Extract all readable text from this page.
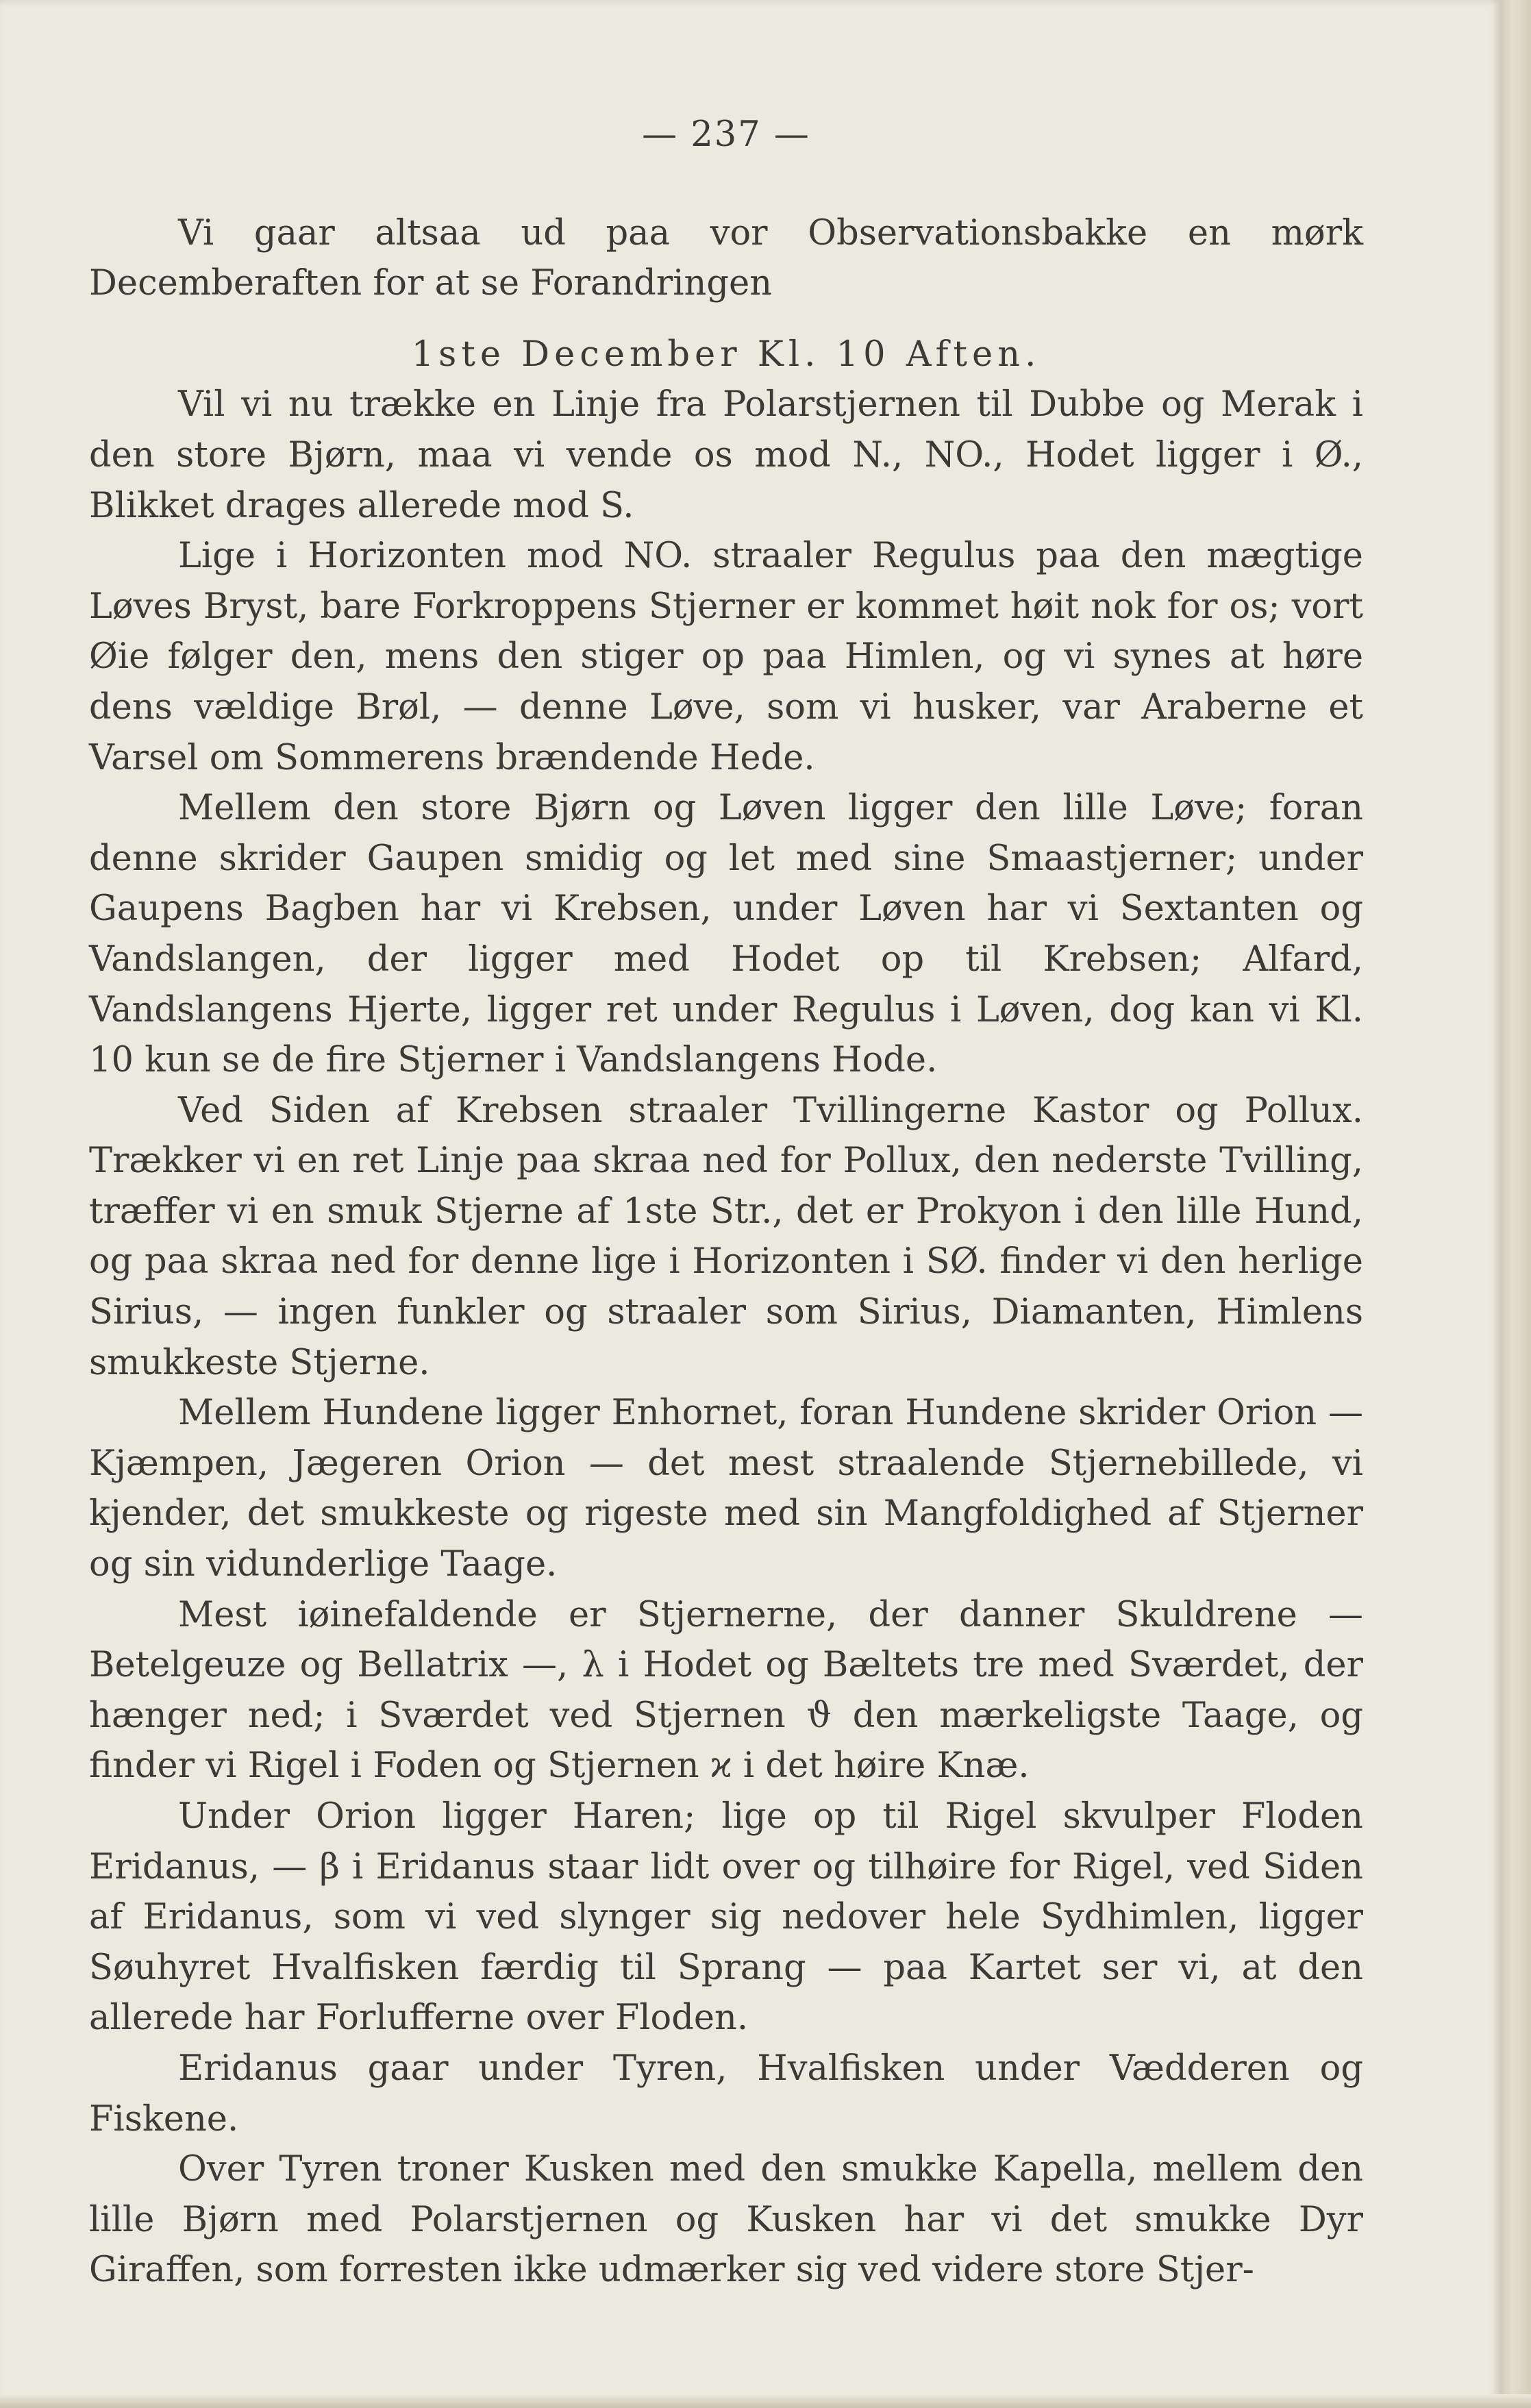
— 237 —

Vi gaar altsaa ud paa vor Observationsbakke en mørk Decemberaften for at se Forandringen

1ste December Kl. 10 Aften.

Vil vi nu trække en Linje fra Polarstjernen til Dubbe og Merak i den store Bjørn, maa vi vende os mod N., NO., Hodet ligger i Ø., Blikket drages allerede mod S.

Lige i Horizonten mod NO. straaler Regulus paa den mægtige Løves Bryst, bare Forkroppens Stjerner er kommet høit nok for os; vort Øie følger den, mens den stiger op paa Himlen, og vi synes at høre dens vældige Brøl, — denne Løve, som vi husker, var Araberne et Varsel om Sommerens brændende Hede.

Mellem den store Bjørn og Løven ligger den lille Løve; foran denne skrider Gaupen smidig og let med sine Smaastjerner; under Gaupens Bagben har vi Krebsen, under Løven har vi Sextanten og Vandslangen, der ligger med Hodet op til Krebsen; Alfard, Vandslangens Hjerte, ligger ret under Regulus i Løven, dog kan vi Kl. 10 kun se de fire Stjerner i Vandslangens Hode.

Ved Siden af Krebsen straaler Tvillingerne Kastor og Pollux. Trækker vi en ret Linje paa skraa ned for Pollux, den nederste Tvilling, træffer vi en smuk Stjerne af 1ste Str., det er Prokyon i den lille Hund, og paa skraa ned for denne lige i Horizonten i SØ. finder vi den herlige Sirius, — ingen funkler og straaler som Sirius, Diamanten, Himlens smukkeste Stjerne.

Mellem Hundene ligger Enhornet, foran Hundene skrider Orion — Kjæmpen, Jægeren Orion — det mest straalende Stjernebillede, vi kjender, det smukkeste og rigeste med sin Mangfoldighed af Stjerner og sin vidunderlige Taage.

Mest iøinefaldende er Stjernerne, der danner Skuldrene — Betelgeuze og Bellatrix —, λ i Hodet og Bæltets tre med Sværdet, der hænger ned; i Sværdet ved Stjernen ϑ den mærkeligste Taage, og finder vi Rigel i Foden og Stjernen ϰ i det høire Knæ.

Under Orion ligger Haren; lige op til Rigel skvulper Floden Eridanus, — β i Eridanus staar lidt over og tilhøire for Rigel, ved Siden af Eridanus, som vi ved slynger sig nedover hele Sydhimlen, ligger Søuhyret Hvalfisken færdig til Sprang — paa Kartet ser vi, at den allerede har Forlufferne over Floden.

Eridanus gaar under Tyren, Hvalfisken under Vædderen og Fiskene.

Over Tyren troner Kusken med den smukke Kapella, mellem den lille Bjørn med Polarstjernen og Kusken har vi det smukke Dyr Giraffen, som forresten ikke udmærker sig ved videre store Stjer-
